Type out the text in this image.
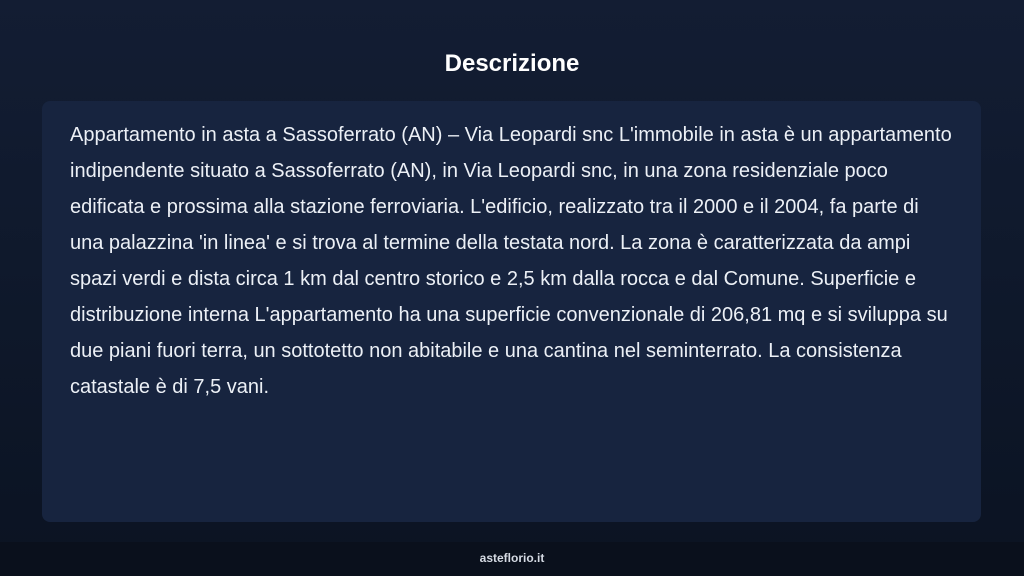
Descrizione

Appartamento in asta a Sassoferrato (AN) – Via Leopardi snc L'immobile in asta è un appartamento indipendente situato a Sassoferrato (AN), in Via Leopardi snc, in una zona residenziale poco edificata e prossima alla stazione ferroviaria. L'edificio, realizzato tra il 2000 e il 2004, fa parte di una palazzina 'in linea' e si trova al termine della testata nord. La zona è caratterizzata da ampi spazi verdi e dista circa 1 km dal centro storico e 2,5 km dalla rocca e dal Comune. Superficie e distribuzione interna L'appartamento ha una superficie convenzionale di 206,81 mq e si sviluppa su due piani fuori terra, un sottotetto non abitabile e una cantina nel seminterrato. La consistenza catastale è di 7,5 vani.

asteflorio.it
